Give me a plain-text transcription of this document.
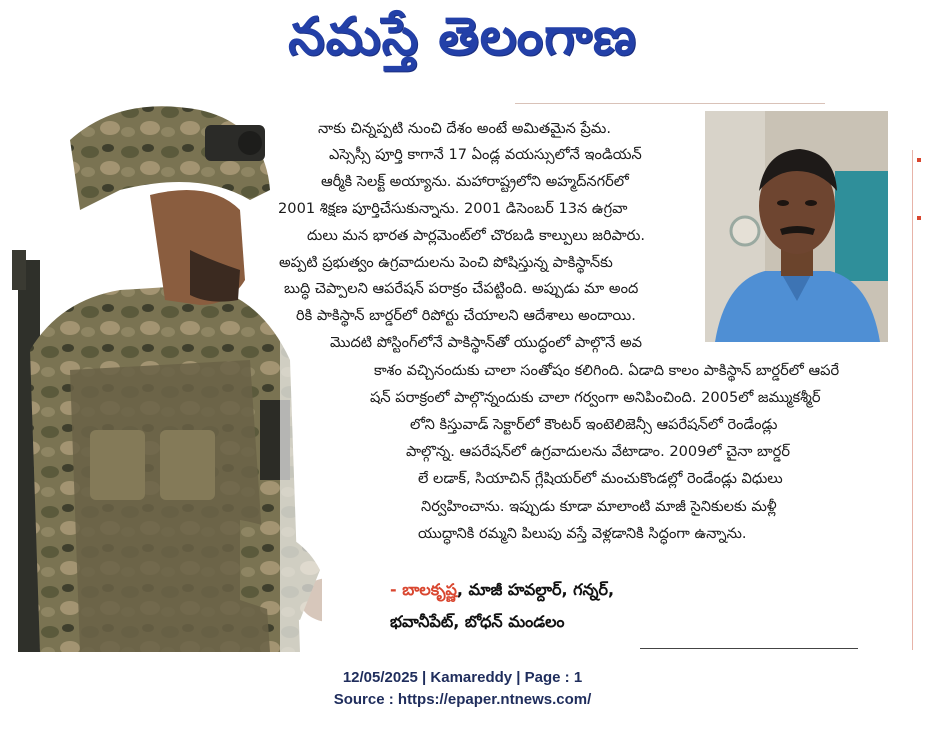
నమస్తే తెలంగాణ
నాకు చిన్నప్పటి నుంచి దేశం అంటే అమితమైన ప్రేమ.
ఎస్సెస్సీ పూర్తి కాగానే 17 ఏండ్ల వయస్సులోనే ఇండియన్
ఆర్మీకి సెలక్ట్ అయ్యాను. మహారాష్ట్రలోని అహ్మద్‌నగర్‌లో
2001 శిక్షణ పూర్తిచేసుకున్నాను. 2001 డిసెంబర్ 13న ఉగ్రవా
దులు మన భారత పార్లమెంట్‌లో చొరబడి కాల్పులు జరిపారు.
అప్పటి ప్రభుత్వం ఉగ్రవాదులను పెంచి పోషిస్తున్న పాకిస్థాన్‌కు
బుద్ధి చెప్పాలని ఆపరేషన్ పరాక్రం చేపట్టింది. అప్పుడు మా అంద
రికి పాకిస్థాన్ బార్డర్‌లో రిపోర్టు చేయాలని ఆదేశాలు అందాయి.
మొదటి పోస్టింగ్‌లోనే పాకిస్థాన్‌తో యుద్ధంలో పాల్గొనే అవ
కాశం వచ్చినందుకు చాలా సంతోషం కలిగింది. ఏడాది కాలం పాకిస్థాన్ బార్డర్‌లో ఆపరే
షన్ పరాక్రంలో పాల్గొన్నందుకు చాలా గర్వంగా అనిపించింది. 2005లో జమ్ముకశ్మీర్
లోని కిస్తువాడ్ సెక్టార్‌లో కౌంటర్ ఇంటెలిజెన్సీ ఆపరేషన్‌లో రెండేండ్లు
పాల్గొన్న. ఆపరేషన్‌లో ఉగ్రవాదులను వేటాడాం. 2009లో చైనా బార్డర్
లే లడాక్, సియాచిన్ గ్లేషియర్‌లో మంచుకొండల్లో రెండేండ్లు విధులు
నిర్వహించాను. ఇప్పుడు కూడా మాలాంటి మాజీ సైనికులకు మళ్లీ
యుద్ధానికి రమ్మని పిలుపు వస్తే వెళ్లడానికి సిద్ధంగా ఉన్నాను.
- బాలకృష్ణ, మాజీ హవల్దార్, గన్నర్,
భవానీపేట్, బోధన్ మండలం
12/05/2025 | Kamareddy | Page : 1
Source : https://epaper.ntnews.com/
